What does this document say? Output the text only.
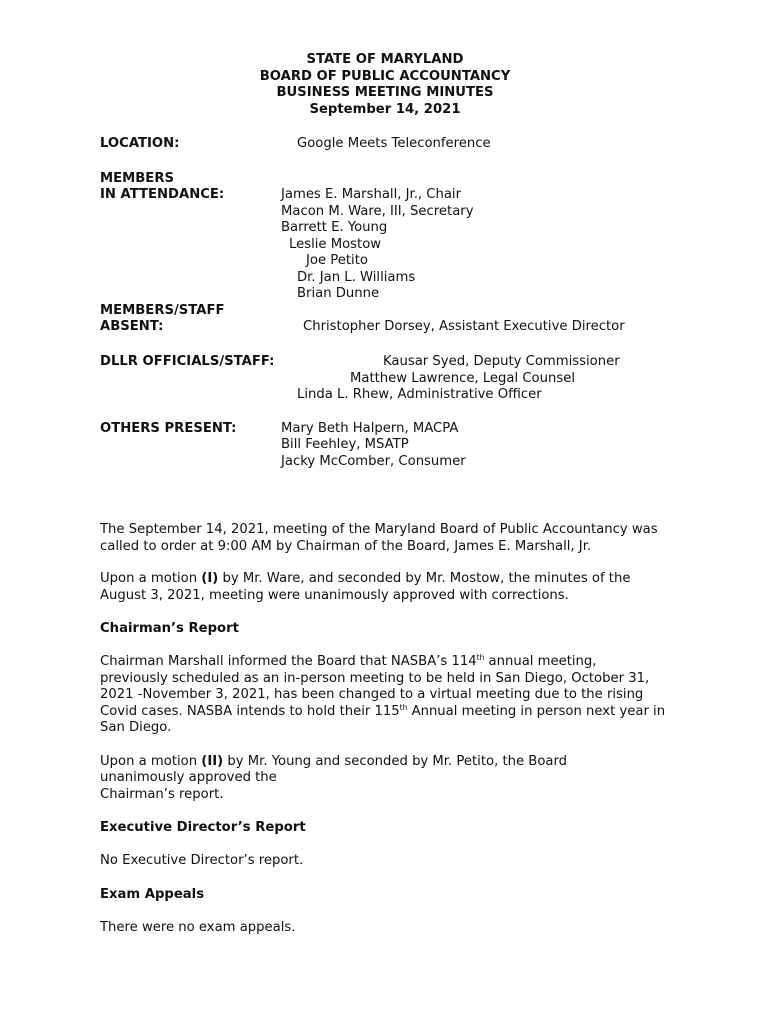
STATE OF MARYLAND
BOARD OF PUBLIC ACCOUNTANCY
BUSINESS MEETING MINUTES
September 14, 2021
LOCATION:	Google Meets Teleconference
MEMBERS
IN ATTENDANCE:	James E. Marshall, Jr., Chair
Macon M. Ware, III, Secretary
Barrett E. Young
Leslie Mostow
Joe Petito
Dr. Jan L. Williams
Brian Dunne
MEMBERS/STAFF
ABSENT:	Christopher Dorsey, Assistant Executive Director
DLLR OFFICIALS/STAFF:	Kausar Syed, Deputy Commissioner
Matthew Lawrence, Legal Counsel
Linda L. Rhew, Administrative Officer
OTHERS PRESENT:	Mary Beth Halpern, MACPA
Bill Feehley, MSATP
Jacky McComber, Consumer
The September 14, 2021, meeting of the Maryland Board of Public Accountancy was called to order at 9:00 AM by Chairman of the Board, James E. Marshall, Jr.
Upon a motion (I) by Mr. Ware, and seconded by Mr. Mostow, the minutes of the August 3, 2021, meeting were unanimously approved with corrections.
Chairman’s Report
Chairman Marshall informed the Board that NASBA’s 114th annual meeting, previously scheduled as an in-person meeting to be held in San Diego, October 31, 2021 -November 3, 2021, has been changed to a virtual meeting due to the rising Covid cases. NASBA intends to hold their 115th Annual meeting in person next year in San Diego.
Upon a motion (II) by Mr. Young and seconded by Mr. Petito, the Board
unanimously approved the
Chairman’s report.
Executive Director’s Report
No Executive Director’s report.
Exam Appeals
There were no exam appeals.
